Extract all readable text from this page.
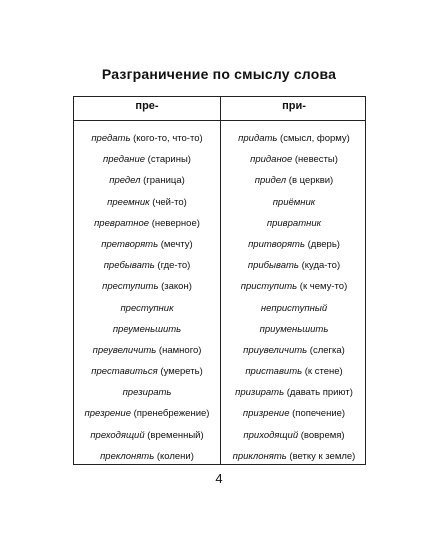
Разграничение по смыслу слова
пре-	при-
предать (кого-то, что-то)	придать (смысл, форму)
предание (старины)	приданое (невесты)
предел (граница)	придел (в церкви)
преемник (чей-то)	приёмник
превратное (неверное)	привратник
претворять (мечту)	притворять (дверь)
пребывать (где-то)	прибывать (куда-то)
преступить (закон)	приступить (к чему-то)
преступник	неприступный
преуменьшить	приуменьшить
преувеличить (намного)	приувеличить (слегка)
преставиться (умереть)	приставить (к стене)
презирать	призирать (давать приют)
презрение (пренебрежение)	призрение (попечение)
преходящий (временный)	приходящий (вовремя)
преклонять (колени)	приклонять (ветку к земле)
4
